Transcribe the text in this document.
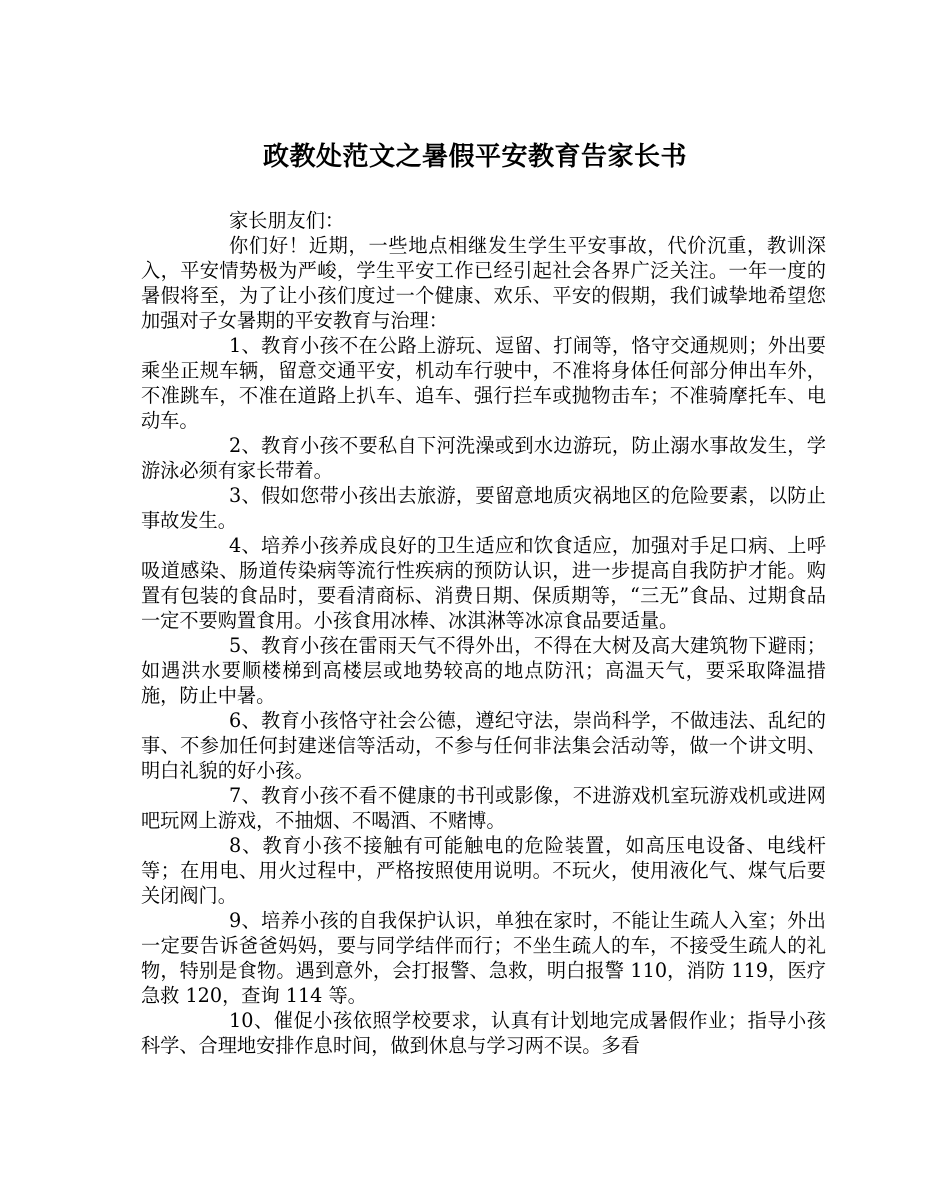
政教处范文之暑假平安教育告家长书

家长朋友们：

你们好！近期，一些地点相继发生学生平安事故，代价沉重，教训深入，平安情势极为严峻，学生平安工作已经引起社会各界广泛关注。一年一度的暑假将至，为了让小孩们度过一个健康、欢乐、平安的假期，我们诚挚地希望您加强对子女暑期的平安教育与治理：

1、教育小孩不在公路上游玩、逗留、打闹等，恪守交通规则；外出要乘坐正规车辆，留意交通平安，机动车行驶中，不准将身体任何部分伸出车外，不准跳车，不准在道路上扒车、追车、强行拦车或抛物击车；不准骑摩托车、电动车。

2、教育小孩不要私自下河洗澡或到水边游玩，防止溺水事故发生，学游泳必须有家长带着。

3、假如您带小孩出去旅游，要留意地质灾祸地区的危险要素，以防止事故发生。

4、培养小孩养成良好的卫生适应和饮食适应，加强对手足口病、上呼吸道感染、肠道传染病等流行性疾病的预防认识，进一步提高自我防护才能。购置有包装的食品时，要看清商标、消费日期、保质期等，“三无”食品、过期食品一定不要购置食用。小孩食用冰棒、冰淇淋等冰凉食品要适量。

5、教育小孩在雷雨天气不得外出，不得在大树及高大建筑物下避雨；如遇洪水要顺楼梯到高楼层或地势较高的地点防汛；高温天气，要采取降温措施，防止中暑。

6、教育小孩恪守社会公德，遵纪守法，崇尚科学，不做违法、乱纪的事、不参加任何封建迷信等活动，不参与任何非法集会活动等，做一个讲文明、明白礼貌的好小孩。

7、教育小孩不看不健康的书刊或影像，不进游戏机室玩游戏机或进网吧玩网上游戏，不抽烟、不喝酒、不赌博。

8、教育小孩不接触有可能触电的危险装置，如高压电设备、电线杆等；在用电、用火过程中，严格按照使用说明。不玩火，使用液化气、煤气后要关闭阀门。

9、培养小孩的自我保护认识，单独在家时，不能让生疏人入室；外出一定要告诉爸爸妈妈，要与同学结伴而行；不坐生疏人的车，不接受生疏人的礼物，特别是食物。遇到意外，会打报警、急救，明白报警 110，消防 119，医疗急救 120，查询 114 等。

10、催促小孩依照学校要求，认真有计划地完成暑假作业；指导小孩科学、合理地安排作息时间，做到休息与学习两不误。多看
